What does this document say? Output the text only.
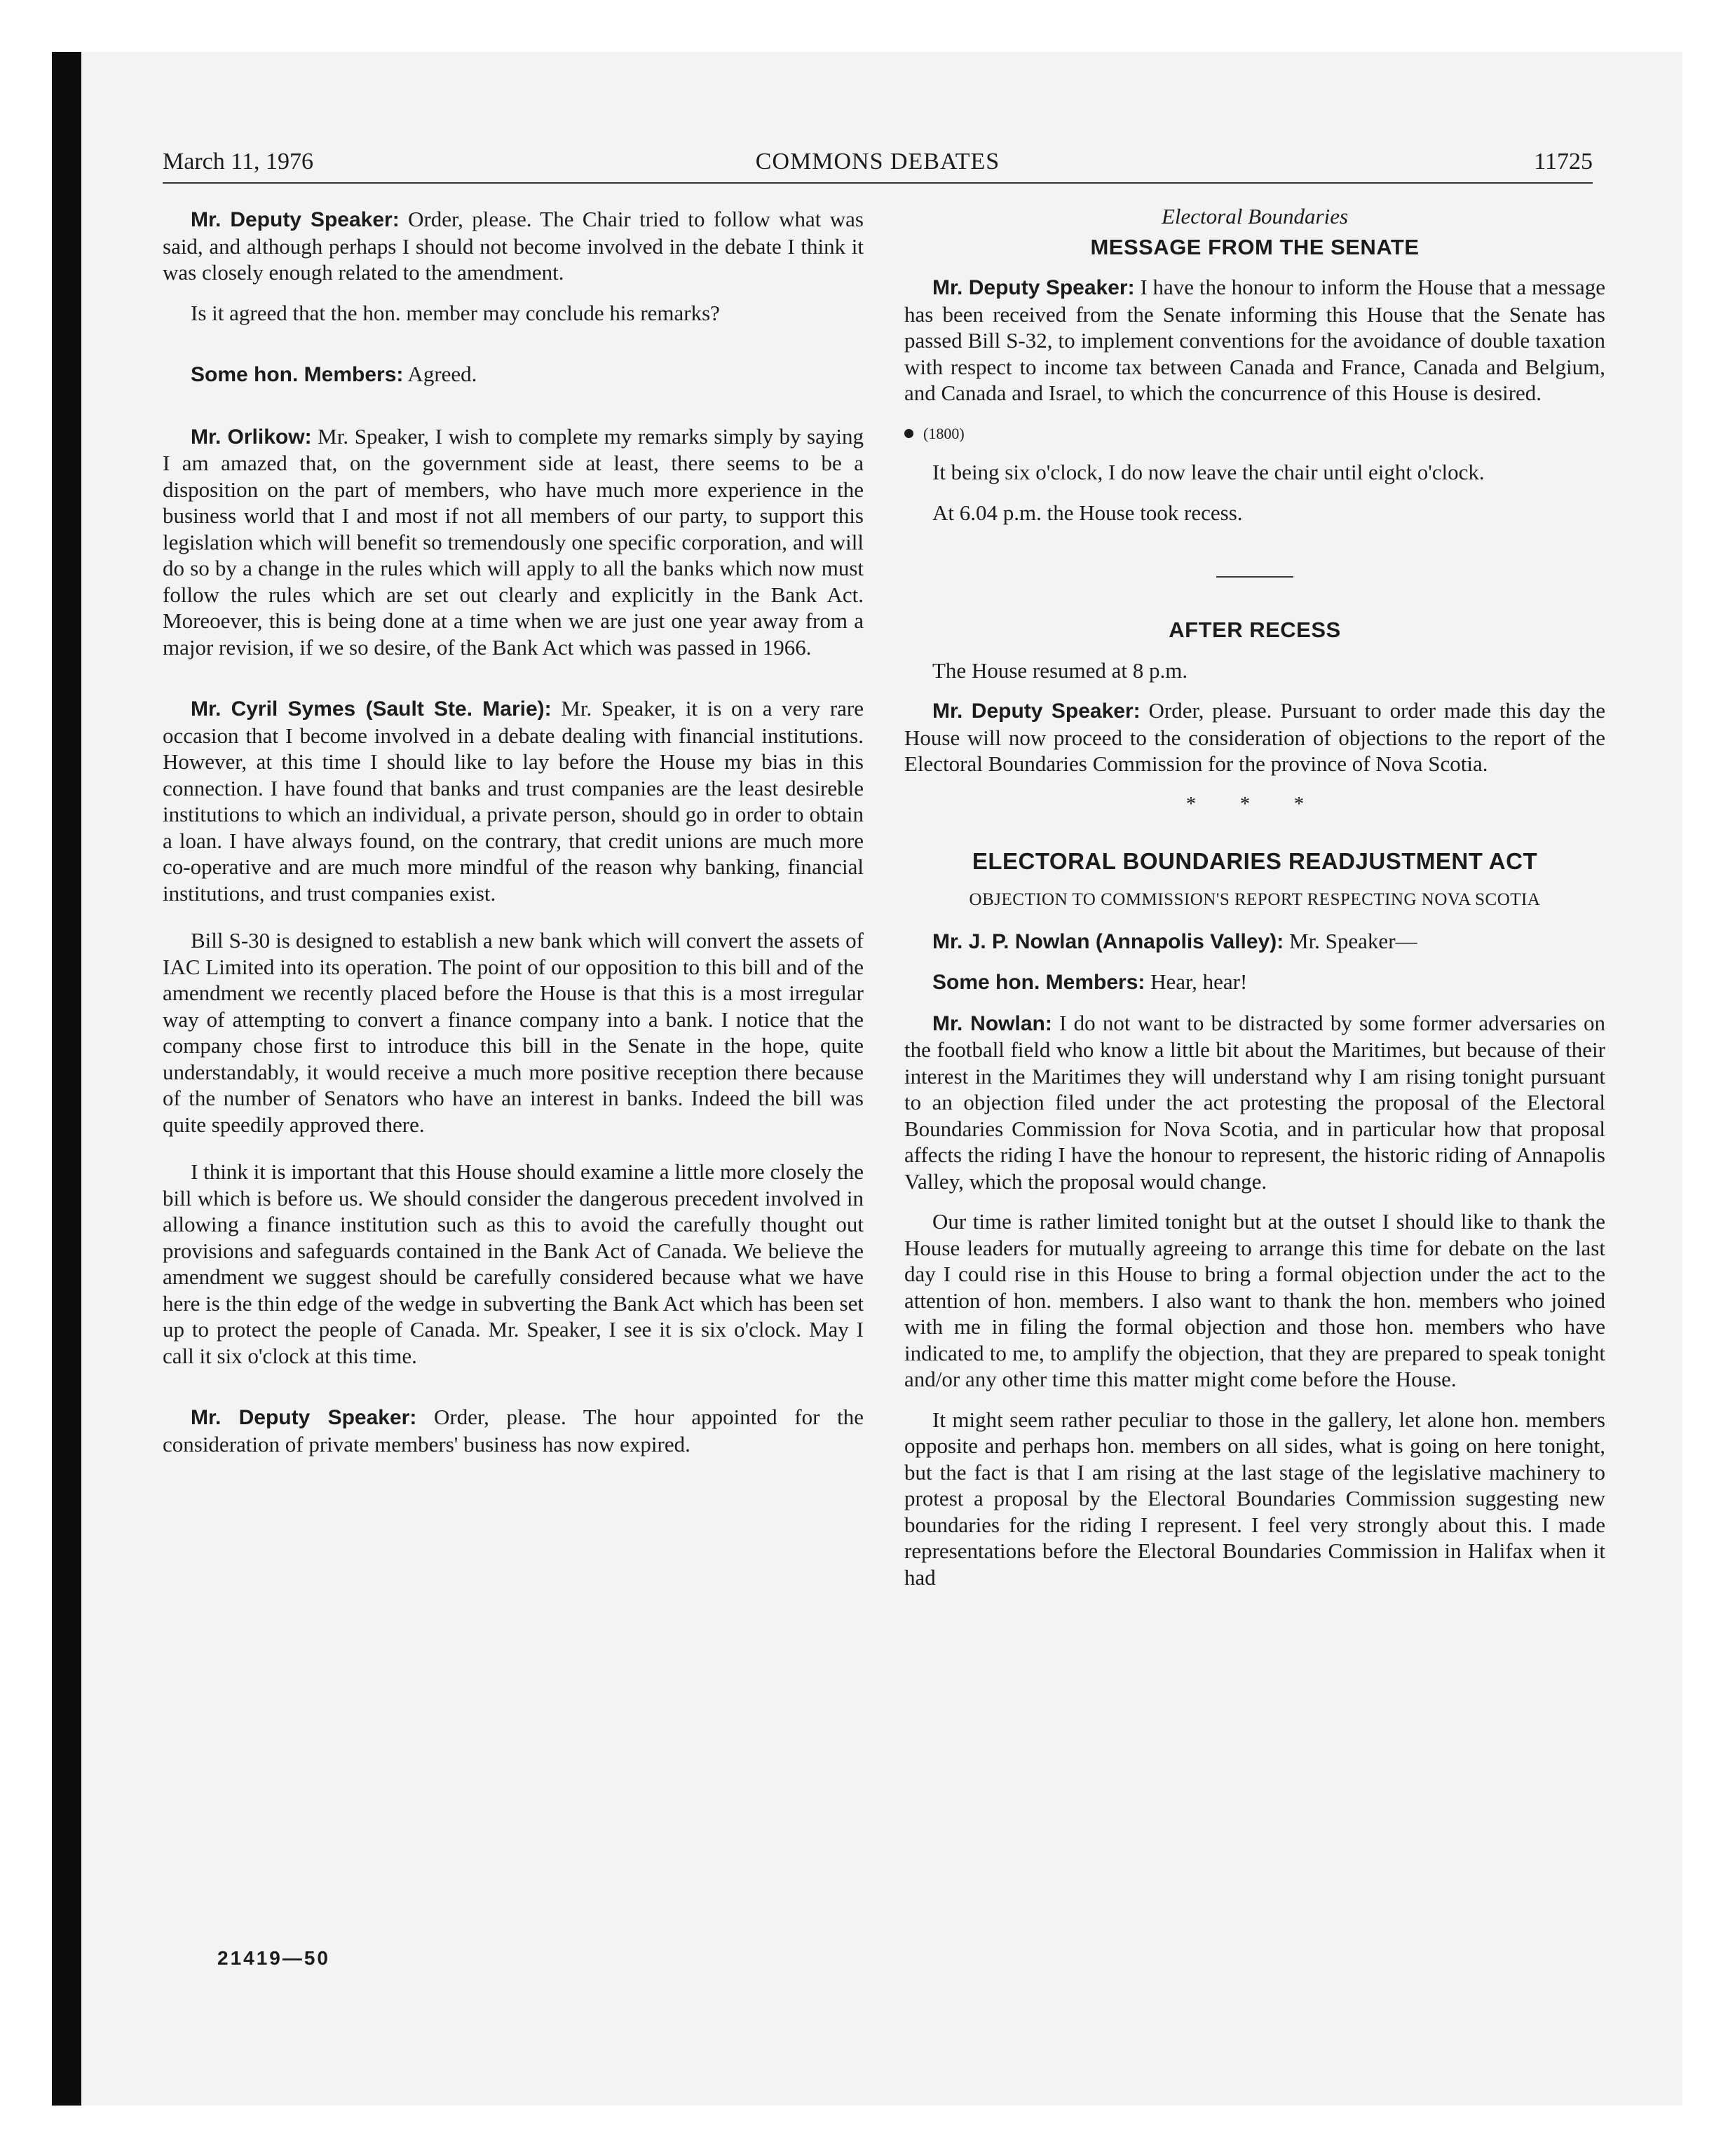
March 11, 1976	COMMONS DEBATES	11725

Mr. Deputy Speaker: Order, please. The Chair tried to follow what was said, and although perhaps I should not become involved in the debate I think it was closely enough related to the amendment.

Is it agreed that the hon. member may conclude his remarks?

Some hon. Members: Agreed.

Mr. Orlikow: Mr. Speaker, I wish to complete my remarks simply by saying I am amazed that, on the government side at least, there seems to be a disposition on the part of members, who have much more experience in the business world that I and most if not all members of our party, to support this legislation which will benefit so tremendously one specific corporation, and will do so by a change in the rules which will apply to all the banks which now must follow the rules which are set out clearly and explicitly in the Bank Act. Moreoever, this is being done at a time when we are just one year away from a major revision, if we so desire, of the Bank Act which was passed in 1966.

Mr. Cyril Symes (Sault Ste. Marie): Mr. Speaker, it is on a very rare occasion that I become involved in a debate dealing with financial institutions. However, at this time I should like to lay before the House my bias in this connection. I have found that banks and trust companies are the least desireble institutions to which an individual, a private person, should go in order to obtain a loan. I have always found, on the contrary, that credit unions are much more co-operative and are much more mindful of the reason why banking, financial institutions, and trust companies exist.

Bill S-30 is designed to establish a new bank which will convert the assets of IAC Limited into its operation. The point of our opposition to this bill and of the amendment we recently placed before the House is that this is a most irregular way of attempting to convert a finance company into a bank. I notice that the company chose first to introduce this bill in the Senate in the hope, quite understandably, it would receive a much more positive reception there because of the number of Senators who have an interest in banks. Indeed the bill was quite speedily approved there.

I think it is important that this House should examine a little more closely the bill which is before us. We should consider the dangerous precedent involved in allowing a finance institution such as this to avoid the carefully thought out provisions and safeguards contained in the Bank Act of Canada. We believe the amendment we suggest should be carefully considered because what we have here is the thin edge of the wedge in subverting the Bank Act which has been set up to protect the people of Canada. Mr. Speaker, I see it is six o'clock. May I call it six o'clock at this time.

Mr. Deputy Speaker: Order, please. The hour appointed for the consideration of private members' business has now expired.

21419—50
Electoral Boundaries
MESSAGE FROM THE SENATE

Mr. Deputy Speaker: I have the honour to inform the House that a message has been received from the Senate informing this House that the Senate has passed Bill S-32, to implement conventions for the avoidance of double taxation with respect to income tax between Canada and France, Canada and Belgium, and Canada and Israel, to which the concurrence of this House is desired.

(1800)

It being six o'clock, I do now leave the chair until eight o'clock.

At 6.04 p.m. the House took recess.

AFTER RECESS

The House resumed at 8 p.m.

Mr. Deputy Speaker: Order, please. Pursuant to order made this day the House will now proceed to the consideration of objections to the report of the Electoral Boundaries Commission for the province of Nova Scotia.

* * *
ELECTORAL BOUNDARIES READJUSTMENT ACT
OBJECTION TO COMMISSION'S REPORT RESPECTING NOVA SCOTIA

Mr. J. P. Nowlan (Annapolis Valley): Mr. Speaker—

Some hon. Members: Hear, hear!

Mr. Nowlan: I do not want to be distracted by some former adversaries on the football field who know a little bit about the Maritimes, but because of their interest in the Maritimes they will understand why I am rising tonight pursuant to an objection filed under the act protesting the proposal of the Electoral Boundaries Commission for Nova Scotia, and in particular how that proposal affects the riding I have the honour to represent, the historic riding of Annapolis Valley, which the proposal would change.

Our time is rather limited tonight but at the outset I should like to thank the House leaders for mutually agreeing to arrange this time for debate on the last day I could rise in this House to bring a formal objection under the act to the attention of hon. members. I also want to thank the hon. members who joined with me in filing the formal objection and those hon. members who have indicated to me, to amplify the objection, that they are prepared to speak tonight and/or any other time this matter might come before the House.

It might seem rather peculiar to those in the gallery, let alone hon. members opposite and perhaps hon. members on all sides, what is going on here tonight, but the fact is that I am rising at the last stage of the legislative machinery to protest a proposal by the Electoral Boundaries Commission suggesting new boundaries for the riding I represent. I feel very strongly about this. I made representations before the Electoral Boundaries Commission in Halifax when it had
